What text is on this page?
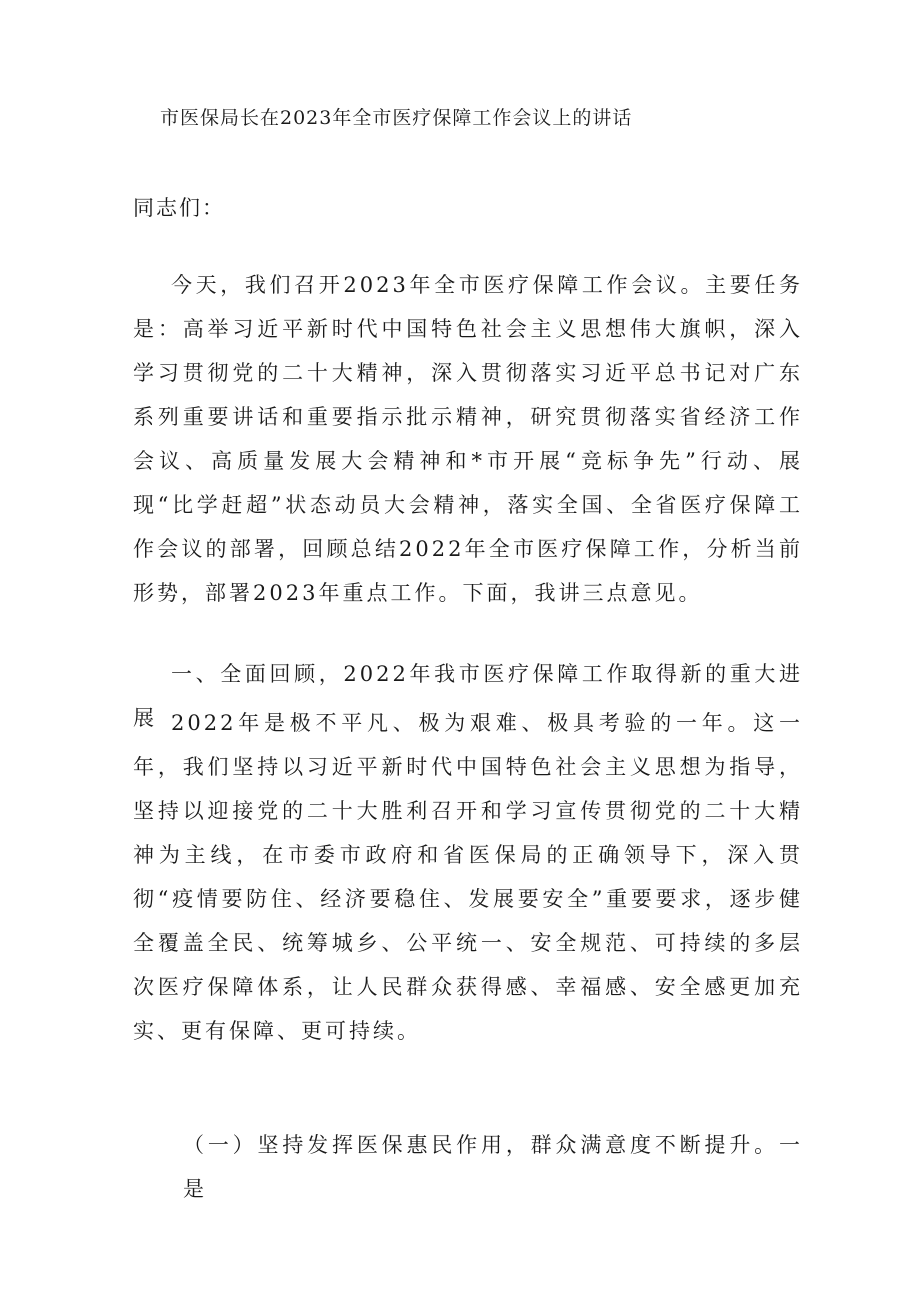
市医保局长在2023年全市医疗保障工作会议上的讲话
同志们：

今天，我们召开2023年全市医疗保障工作会议。主要任务是：高举习近平新时代中国特色社会主义思想伟大旗帜，深入学习贯彻党的二十大精神，深入贯彻落实习近平总书记对广东系列重要讲话和重要指示批示精神，研究贯彻落实省经济工作会议、高质量发展大会精神和*市开展“竞标争先”行动、展现“比学赶超”状态动员大会精神，落实全国、全省医疗保障工作会议的部署，回顾总结2022年全市医疗保障工作，分析当前形势，部署2023年重点工作。下面，我讲三点意见。

一、全面回顾，2022年我市医疗保障工作取得新的重大进展 2022年是极不平凡、极为艰难、极具考验的一年。这一年，我们坚持以习近平新时代中国特色社会主义思想为指导，坚持以迎接党的二十大胜利召开和学习宣传贯彻党的二十大精神为主线，在市委市政府和省医保局的正确领导下，深入贯彻“疫情要防住、经济要稳住、发展要安全”重要要求，逐步健全覆盖全民、统筹城乡、公平统一、安全规范、可持续的多层次医疗保障体系，让人民群众获得感、幸福感、安全感更加充实、更有保障、更可持续。

（一）坚持发挥医保惠民作用，群众满意度不断提升。一是
